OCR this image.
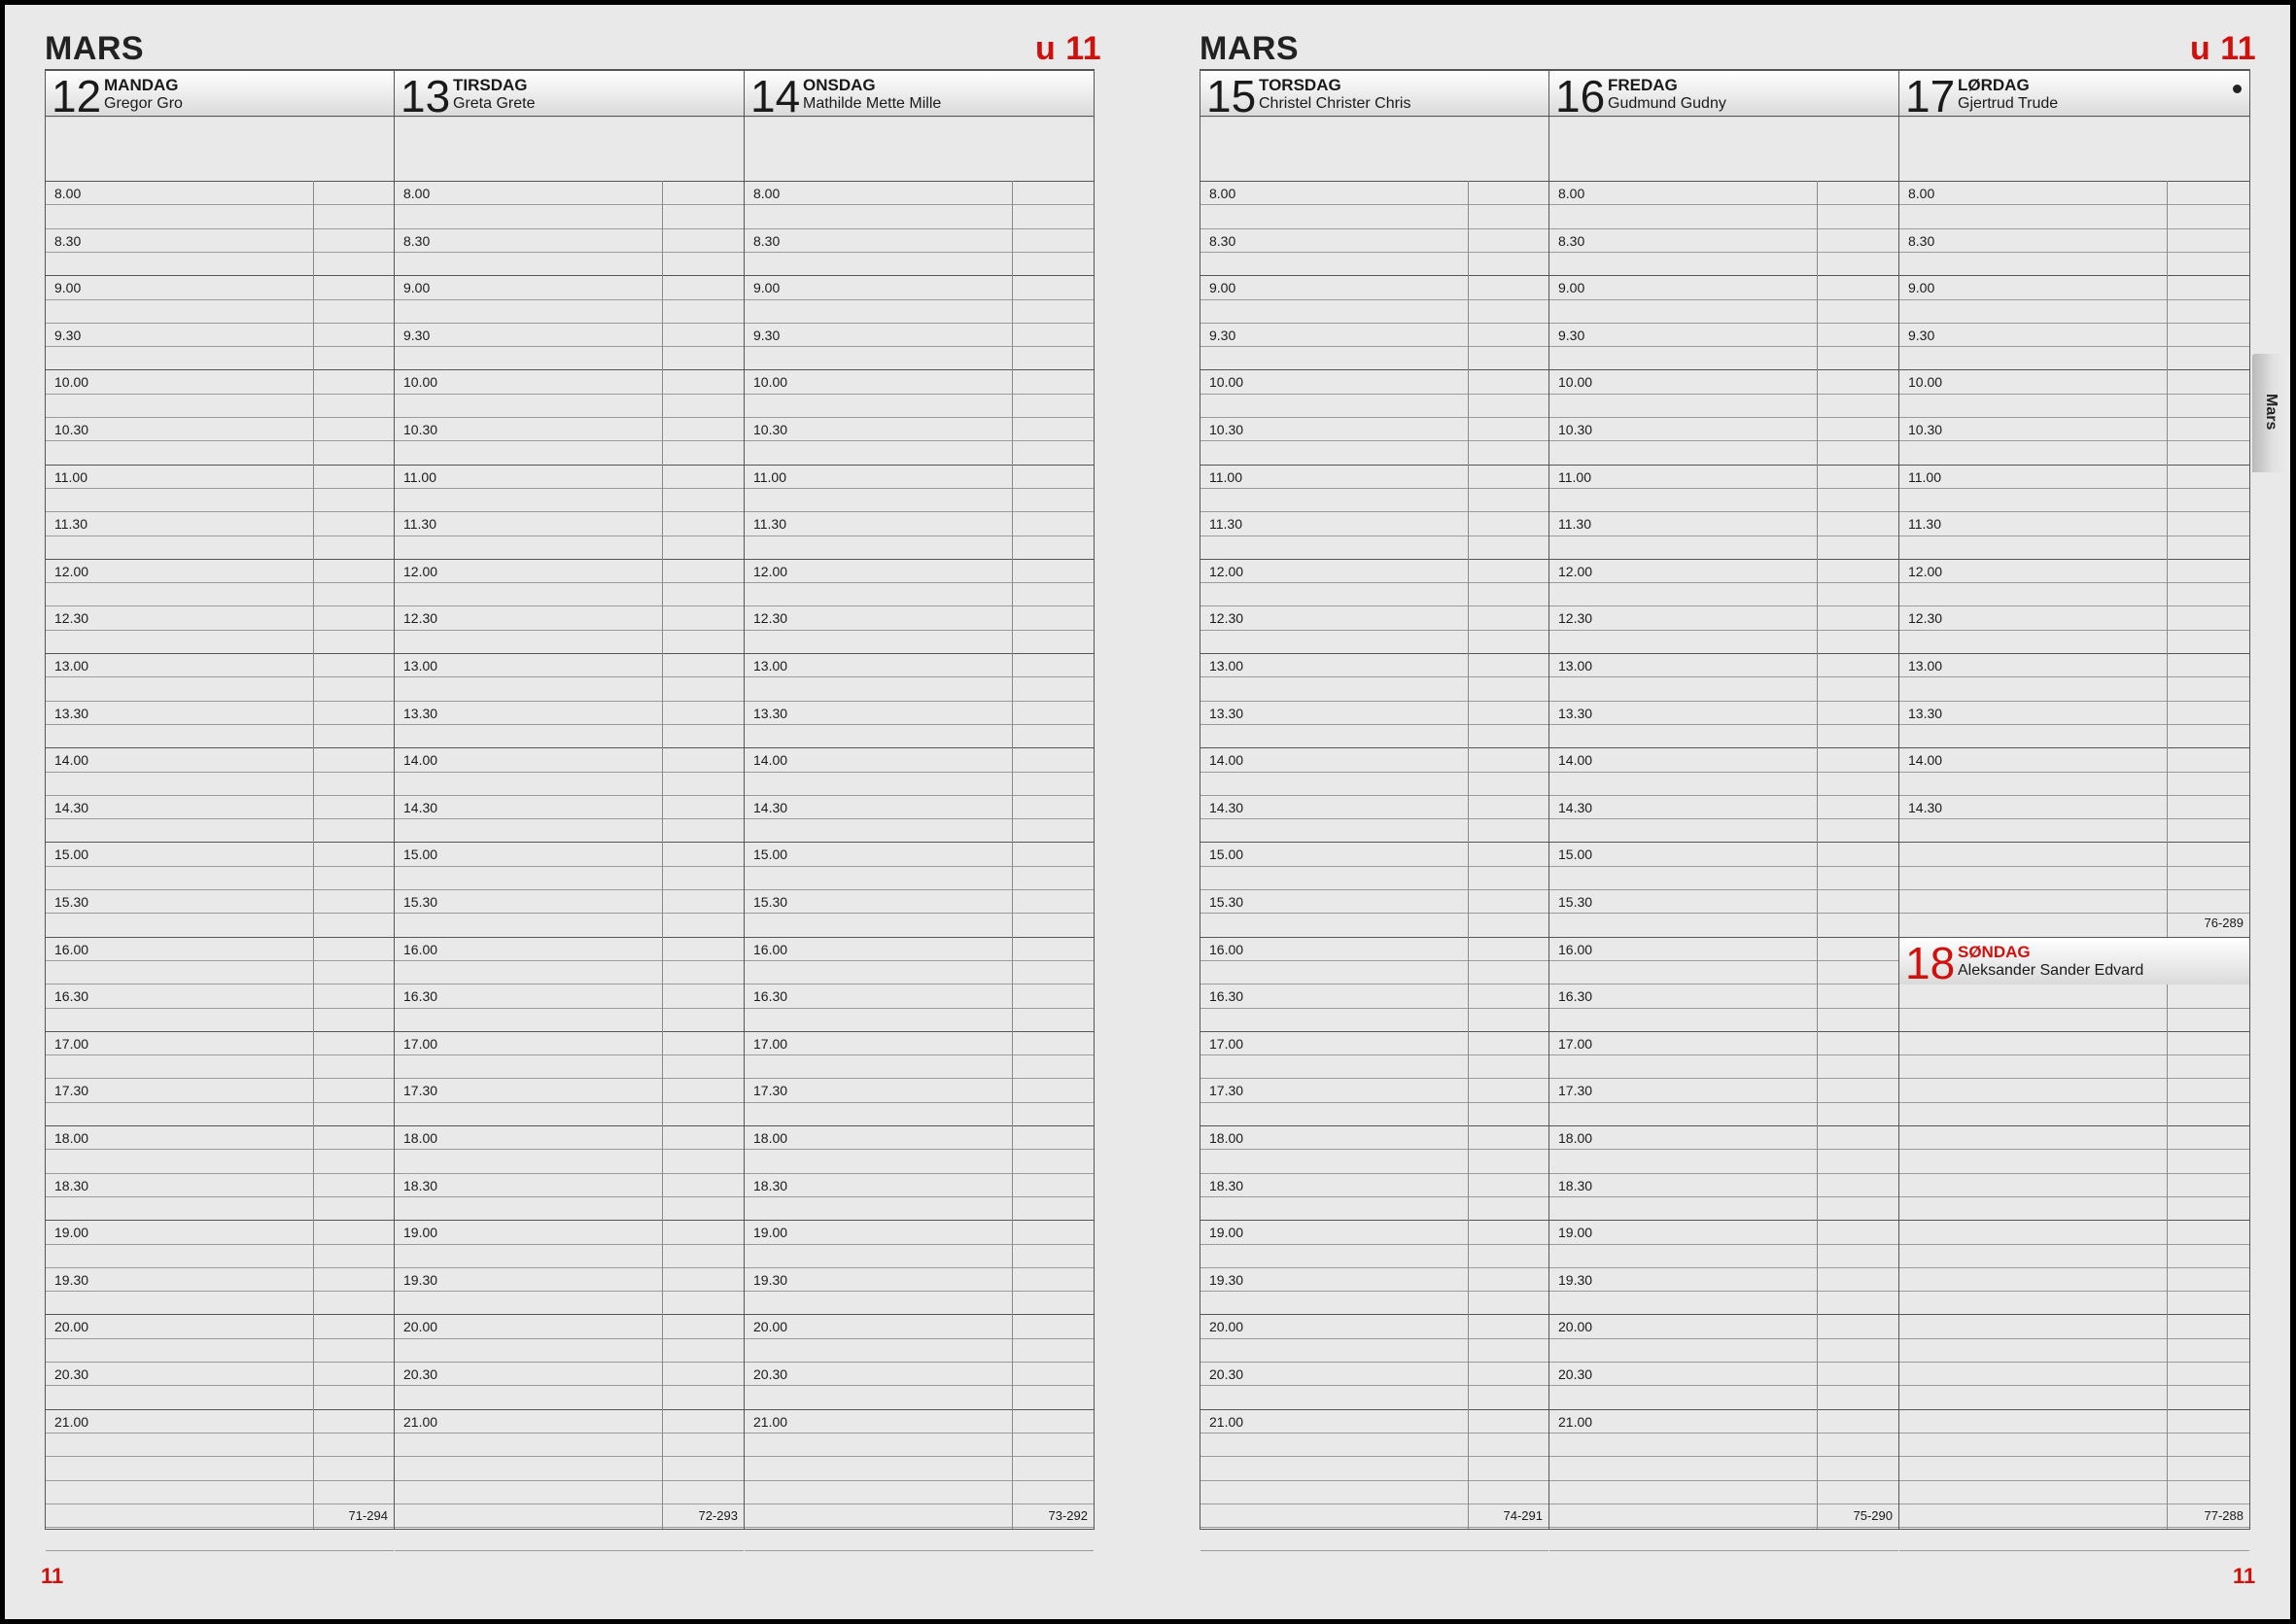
MARS	u 11	MARS	u 11
11	11
Mars
12 MANDAG
Gregor Gro
8.00
8.30
9.00
9.30
10.00
10.30
11.00
11.30
12.00
12.30
13.00
13.30
14.00
14.30
15.00
15.30
16.00
16.30
17.00
17.30
18.00
18.30
19.00
19.30
20.00
20.30
21.00
71-294
13 TIRSDAG
Greta Grete
8.00
8.30
9.00
9.30
10.00
10.30
11.00
11.30
12.00
12.30
13.00
13.30
14.00
14.30
15.00
15.30
16.00
16.30
17.00
17.30
18.00
18.30
19.00
19.30
20.00
20.30
21.00
72-293
14 ONSDAG
Mathilde Mette Mille
8.00
8.30
9.00
9.30
10.00
10.30
11.00
11.30
12.00
12.30
13.00
13.30
14.00
14.30
15.00
15.30
16.00
16.30
17.00
17.30
18.00
18.30
19.00
19.30
20.00
20.30
21.00
73-292
15 TORSDAG
Christel Christer Chris
8.00
8.30
9.00
9.30
10.00
10.30
11.00
11.30
12.00
12.30
13.00
13.30
14.00
14.30
15.00
15.30
16.00
16.30
17.00
17.30
18.00
18.30
19.00
19.30
20.00
20.30
21.00
74-291
16 FREDAG
Gudmund Gudny
8.00
8.30
9.00
9.30
10.00
10.30
11.00
11.30
12.00
12.30
13.00
13.30
14.00
14.30
15.00
15.30
16.00
16.30
17.00
17.30
18.00
18.30
19.00
19.30
20.00
20.30
21.00
75-290
17 LØRDAG
Gjertrud Trude
8.00
8.30
9.00
9.30
10.00
10.30
11.00
11.30
12.00
12.30
13.00
13.30
14.00
14.30
76-289
18 SØNDAG
Aleksander Sander Edvard
77-288
